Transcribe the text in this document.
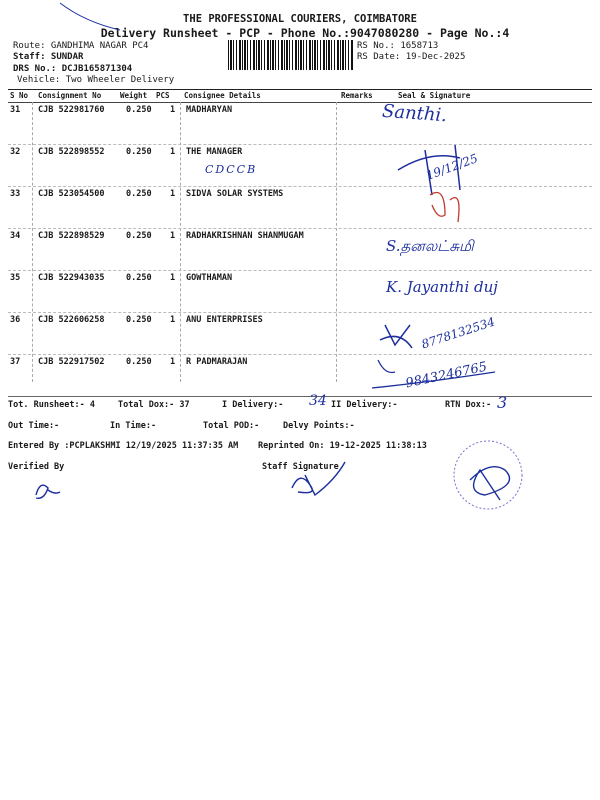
THE PROFESSIONAL COURIERS, COIMBATORE
Delivery Runsheet - PCP - Phone No.:9047080280 - Page No.:4
Route: GANDHIMA NAGAR PC4
Staff: SUNDAR
DRS No.: DCJB165871304
Vehicle: Two Wheeler Delivery
RS No.: 1658713
RS Date: 19-Dec-2025
S No Consignment No	Weight PCS Consignee Details	Remarks	Seal & Signature
31 CJB 522981760	0.250 1 MADHARYAN
32 CJB 522898552	0.250 1 THE MANAGER
33 CJB 523054500	0.250 1 SIDVA SOLAR SYSTEMS
34 CJB 522898529	0.250 1 RADHAKRISHNAN SHANMUGAM
35 CJB 522943035	0.250 1 GOWTHAMAN
36 CJB 522606258	0.250 1 ANU ENTERPRISES
37 CJB 522917502	0.250 1 R PADMARAJAN
Santhi.
CDCCB	19/12/25
S.தனலட்சுமி
K. Jayanthi duj
8778132534
9843246765
Tot. Runsheet:- 4	Total Dox:- 37	I Delivery:- 34 II Delivery:-	RTN Dox:- 3
Out Time:-	In Time:-	Total POD:-	Delvy Points:-
Entered By :PCPLAKSHMI 12/19/2025 11:37:35 AM Reprinted On: 19-12-2025 11:38:13
Verified By	Staff Signature
